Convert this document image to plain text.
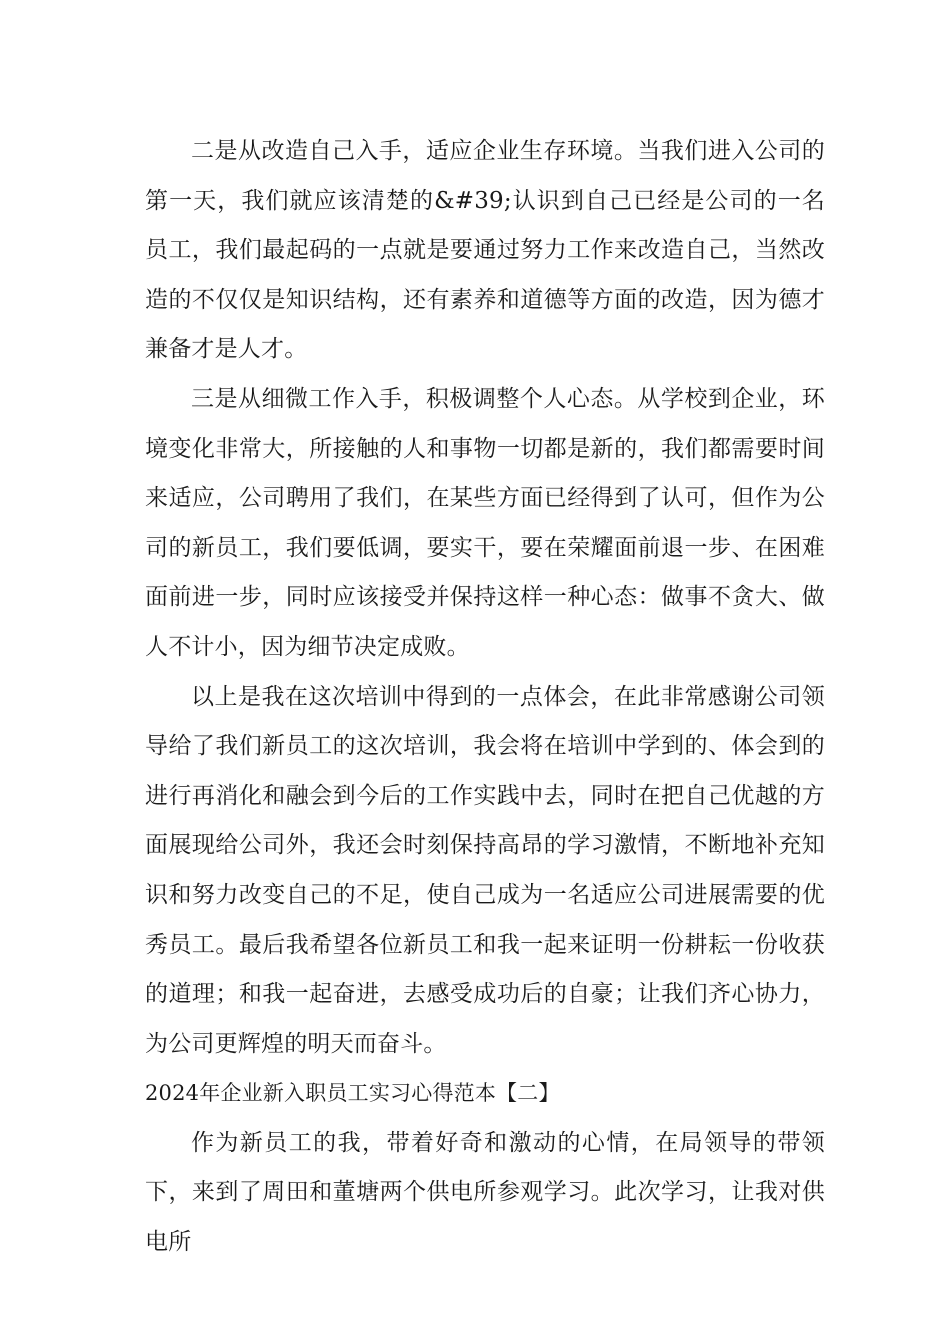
二是从改造自己入手，适应企业生存环境。当我们进入公司的第一天，我们就应该清楚的&#39;认识到自己已经是公司的一名员工，我们最起码的一点就是要通过努力工作来改造自己，当然改造的不仅仅是知识结构，还有素养和道德等方面的改造，因为德才兼备才是人才。

三是从细微工作入手，积极调整个人心态。从学校到企业，环境变化非常大，所接触的人和事物一切都是新的，我们都需要时间来适应，公司聘用了我们，在某些方面已经得到了认可，但作为公司的新员工，我们要低调，要实干，要在荣耀面前退一步、在困难面前进一步，同时应该接受并保持这样一种心态：做事不贪大、做人不计小，因为细节决定成败。

以上是我在这次培训中得到的一点体会，在此非常感谢公司领导给了我们新员工的这次培训，我会将在培训中学到的、体会到的进行再消化和融会到今后的工作实践中去，同时在把自己优越的方面展现给公司外，我还会时刻保持高昂的学习激情，不断地补充知识和努力改变自己的不足，使自己成为一名适应公司进展需要的优秀员工。最后我希望各位新员工和我一起来证明一份耕耘一份收获的道理；和我一起奋进，去感受成功后的自豪；让我们齐心协力，为公司更辉煌的明天而奋斗。

2024年企业新入职员工实习心得范本【二】

作为新员工的我，带着好奇和激动的心情，在局领导的带领下，来到了周田和董塘两个供电所参观学习。此次学习，让我对供电所
